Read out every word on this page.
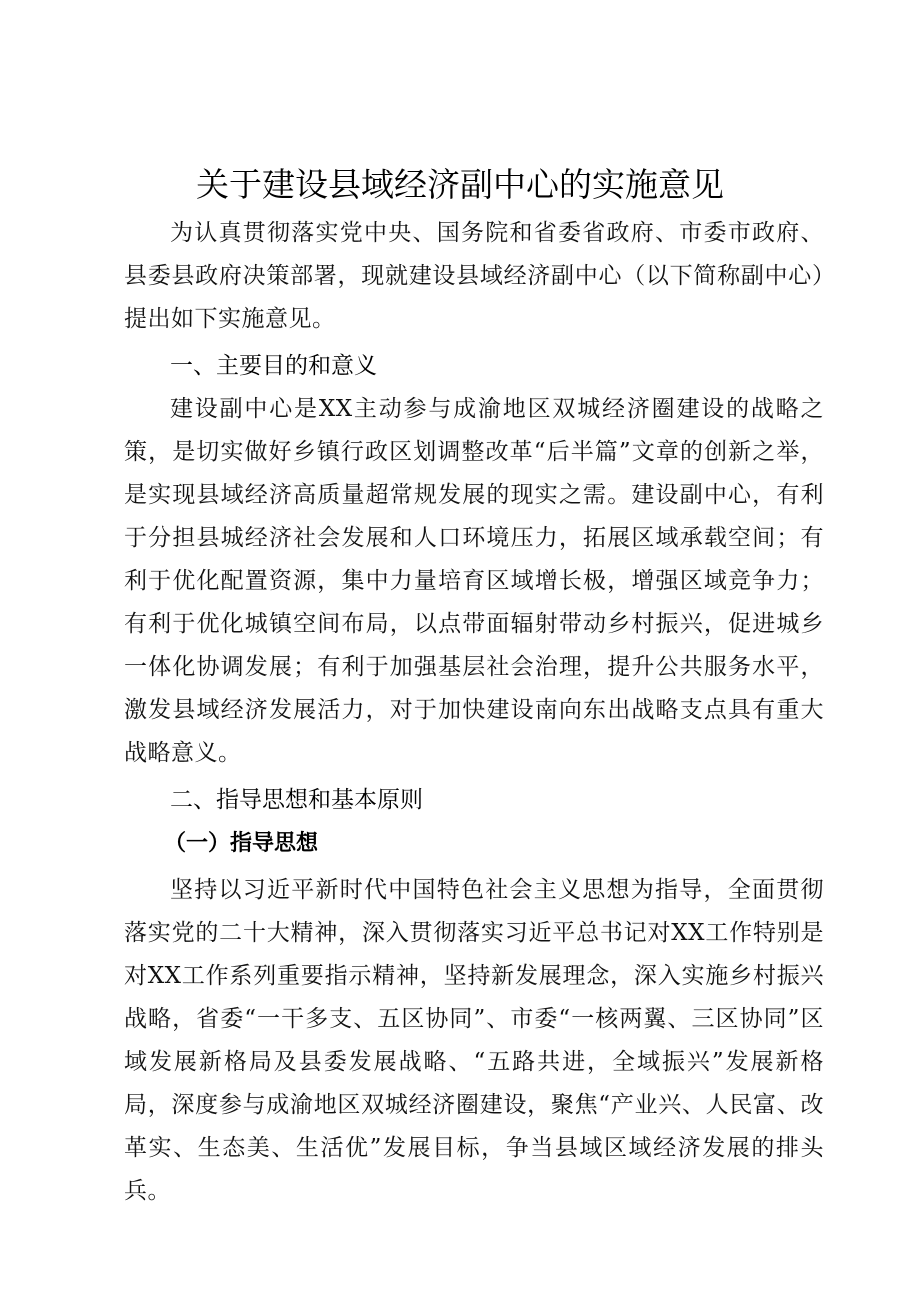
关于建设县域经济副中心的实施意见

为认真贯彻落实党中央、国务院和省委省政府、市委市政府、县委县政府决策部署，现就建设县域经济副中心（以下简称副中心）提出如下实施意见。

一、主要目的和意义

建设副中心是XX主动参与成渝地区双城经济圈建设的战略之策，是切实做好乡镇行政区划调整改革“后半篇”文章的创新之举，是实现县域经济高质量超常规发展的现实之需。建设副中心，有利于分担县城经济社会发展和人口环境压力，拓展区域承载空间；有利于优化配置资源，集中力量培育区域增长极，增强区域竞争力；有利于优化城镇空间布局，以点带面辐射带动乡村振兴，促进城乡一体化协调发展；有利于加强基层社会治理，提升公共服务水平，激发县域经济发展活力，对于加快建设南向东出战略支点具有重大战略意义。

二、指导思想和基本原则

（一）指导思想

坚持以习近平新时代中国特色社会主义思想为指导，全面贯彻落实党的二十大精神，深入贯彻落实习近平总书记对XX工作特别是对XX工作系列重要指示精神，坚持新发展理念，深入实施乡村振兴战略，省委“一干多支、五区协同”、市委“一核两翼、三区协同”区域发展新格局及县委发展战略、“五路共进，全域振兴”发展新格局，深度参与成渝地区双城经济圈建设，聚焦“产业兴、人民富、改革实、生态美、生活优”发展目标，争当县域区域经济发展的排头兵。
